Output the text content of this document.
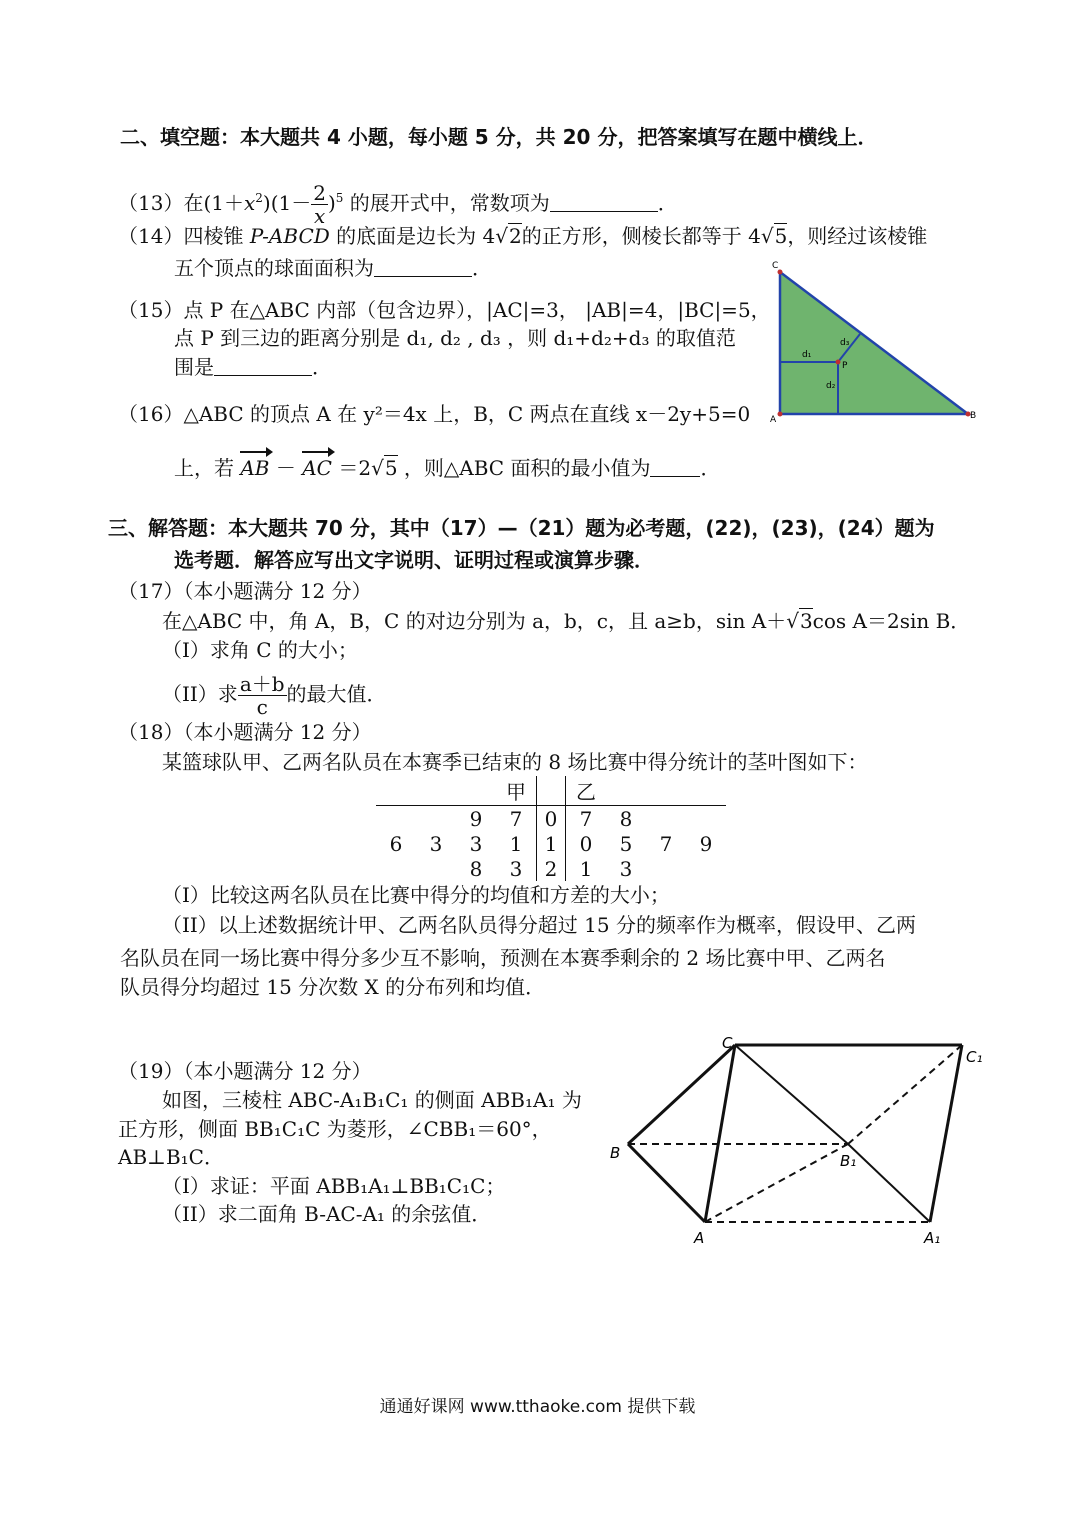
二、填空题：本大题共 4 小题，每小题 5 分，共 20 分，把答案填写在题中横线上．
（13）在$(1+x^2)(1- \frac{2}{x} )^5$ 的展开式中，常数项为	．
（14）四棱锥 P-ABCD 的底面是边长为 4√2的正方形，侧棱长都等于 4√5，则经过该棱锥
五个顶点的球面面积为	．
（15）点 P 在△ABC 内部（包含边界），|AC|=3， |AB|=4，|BC|=5，
点 P 到三边的距离分别是 d₁, d₂ , d₃ ，则 d₁+d₂+d₃ 的取值范
围是	．
C
A	B
P
d₁
d₂
d₃
（16）△ABC 的顶点 A 在 y²＝4x 上，B，C 两点在直线 x－2y+5=0
上，若 AB － AC ＝2√5 ，则△ABC 面积的最小值为	．
三、解答题：本大题共 70 分，其中（17）—（21）题为必考题，(22)，(23)，(24）题为
选考题．解答应写出文字说明、证明过程或演算步骤．
（17）（本小题满分 12 分）
在△ABC 中，角 A，B，C 的对边分别为 a，b，c，且 a≥b，sin A＋√3cos A＝2sin B．
（I）求角 C 的大小；
（II）求 $\frac{a+b}{c}$ 的最大值．
（18）（本小题满分 12 分）
某篮球队甲、乙两名队员在本赛季已结束的 8 场比赛中得分统计的茎叶图如下：
			甲		乙			
		9	7	0	7	8		
6	3	3	1	1	0	5	7	9
		8	3	2	1	3		
（I）比较这两名队员在比赛中得分的均值和方差的大小；
（II）以上述数据统计甲、乙两名队员得分超过 15 分的频率作为概率，假设甲、乙两
名队员在同一场比赛中得分多少互不影响，预测在本赛季剩余的 2 场比赛中甲、乙两名
队员得分均超过 15 分次数 X 的分布列和均值．
（19）（本小题满分 12 分）
如图，三棱柱 ABC-A₁B₁C₁ 的侧面 ABB₁A₁ 为
正方形，侧面 BB₁C₁C 为菱形，∠CBB₁＝60°，
AB⊥B₁C．
（I）求证：平面 ABB₁A₁⊥BB₁C₁C；
（II）求二面角 B-AC-A₁ 的余弦值．
C
C₁
B	B₁
A	A₁
通通好课网 www.tthaoke.com 提供下载
